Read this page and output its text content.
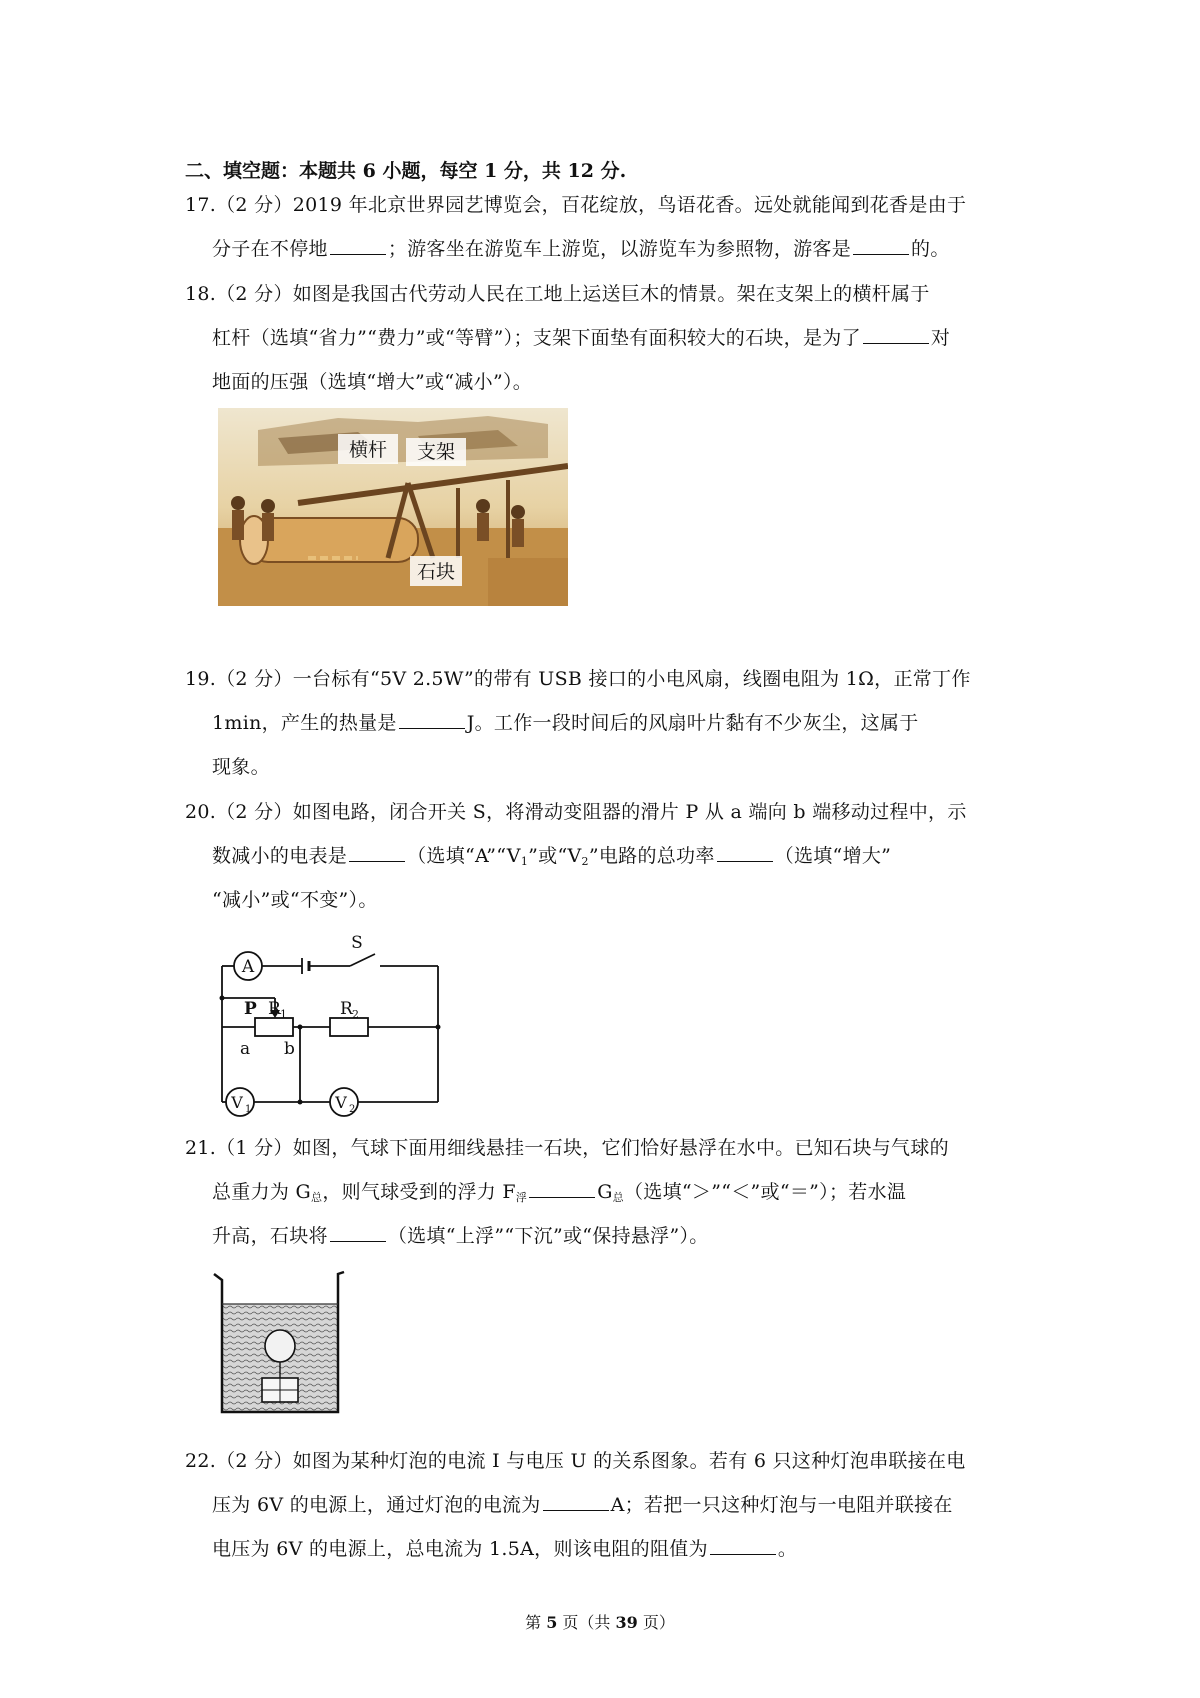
二、填空题：本题共 6 小题，每空 1 分，共 12 分.
17.（2 分）2019 年北京世界园艺博览会，百花绽放，鸟语花香。远处就能闻到花香是由于
分子在不停地	；游客坐在游览车上游览，以游览车为参照物，游客是	的。
18.（2 分）如图是我国古代劳动人民在工地上运送巨木的情景。架在支架上的横杆属于
杠杆（选填“省力”“费力”或“等臂”）；支架下面垫有面积较大的石块，是为了	对
地面的压强（选填“增大”或“减小”）。
横杆 支架
石块
19.（2 分）一台标有“5V 2.5W”的带有 USB 接口的小电风扇，线圈电阻为 1Ω，正常丁作
1min，产生的热量是	J。工作一段时间后的风扇叶片黏有不少灰尘，这属于
现象。
20.（2 分）如图电路，闭合开关 S，将滑动变阻器的滑片 P 从 a 端向 b 端移动过程中，示
数减小的电表是	（选填“$A”“V_1$”或“$V_2$”电路的总功率	（选填“增大”
“减小”或“不变”）。
A
S
P R 1	R 2
a b
V 1	V 2
21.（1 分）如图，气球下面用细线悬挂一石块，它们恰好悬浮在水中。已知石块与气球的
总重力为 $G_总$，则气球受到的浮力 $F_浮$	$G_总$（选填“＞”“＜”或“＝”）；若水温
升高，石块将	（选填“上浮”“下沉”或“保持悬浮”）。
22.（2 分）如图为某种灯泡的电流 I 与电压 U 的关系图象。若有 6 只这种灯泡串联接在电
压为 6V 的电源上，通过灯泡的电流为	A；若把一只这种灯泡与一电阻并联接在
电压为 6V 的电源上，总电流为 1.5A，则该电阻的阻值为	。
第 5 页（共 39 页）
